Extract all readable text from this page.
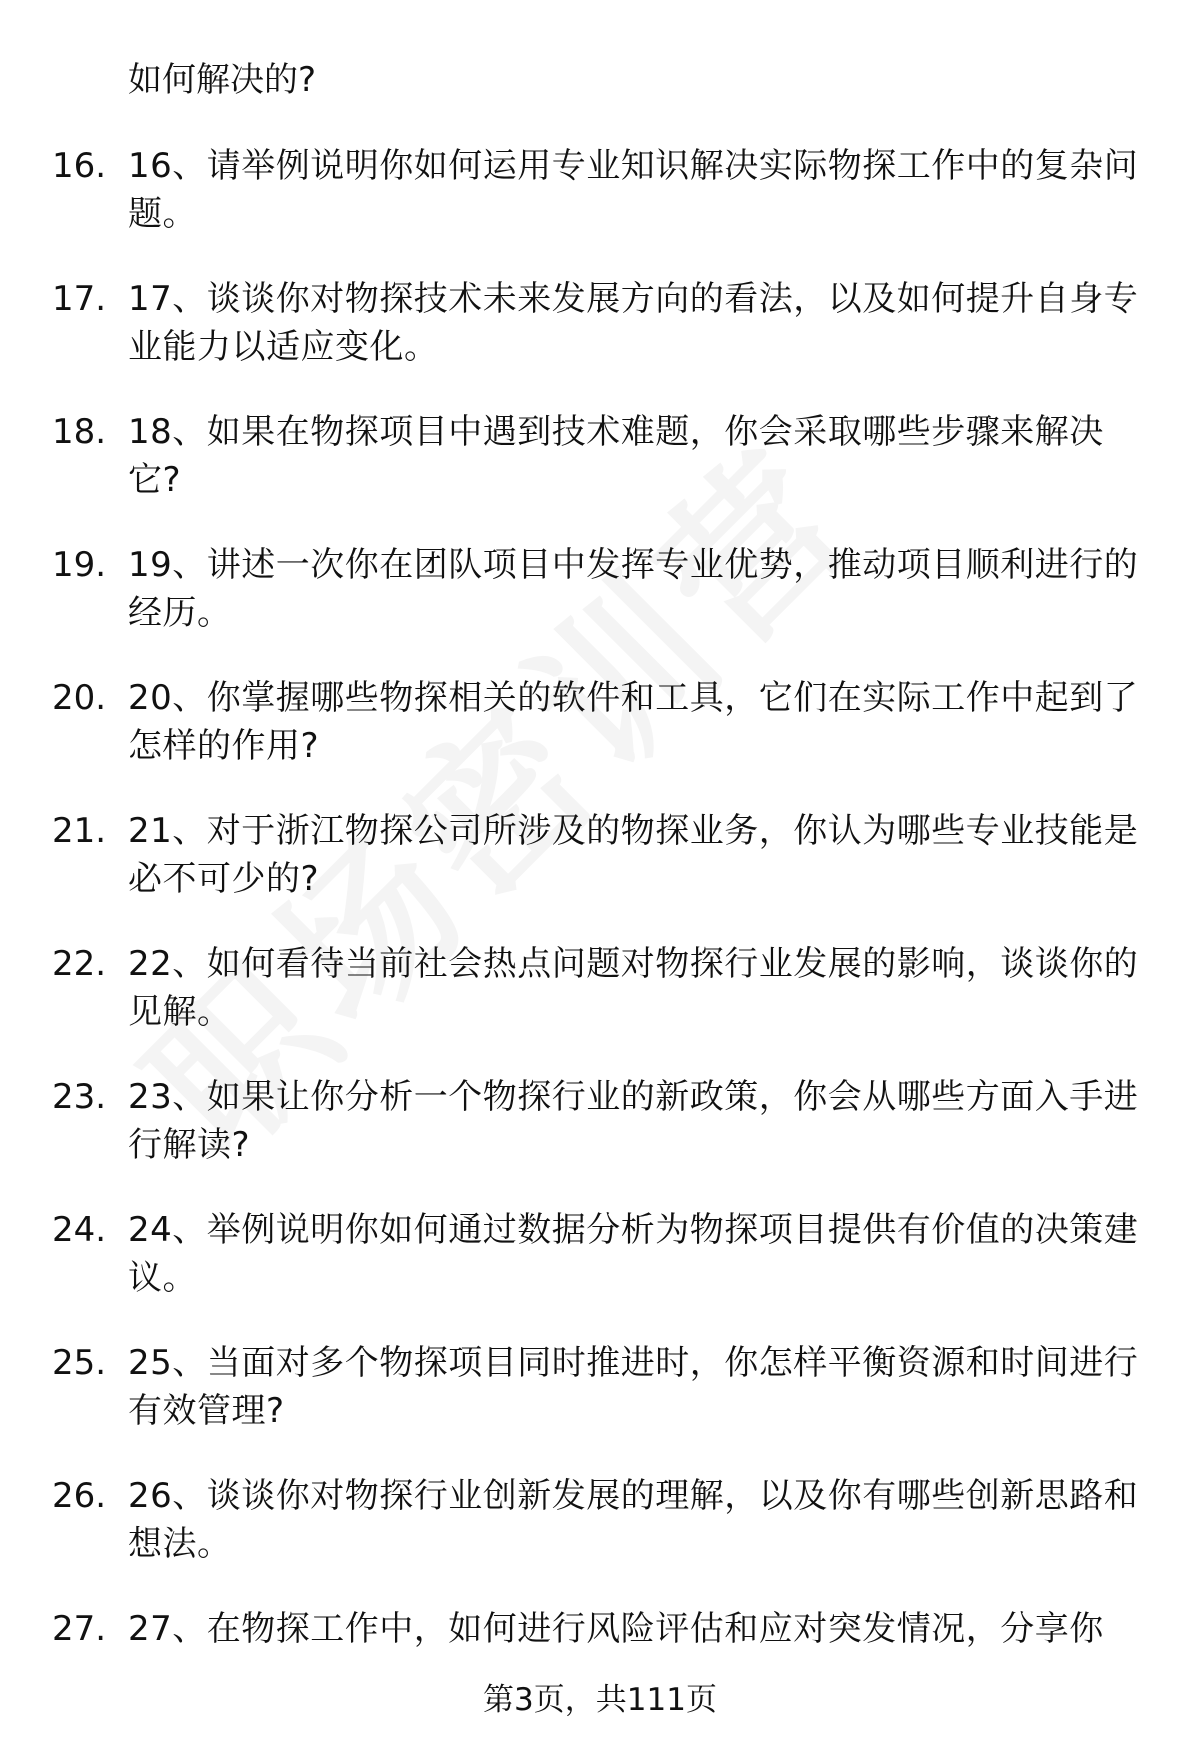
如何解决的?
16. 16、请举例说明你如何运用专业知识解决实际物探工作中的复杂问题。
17. 17、谈谈你对物探技术未来发展方向的看法，以及如何提升自身专业能力以适应变化。
18. 18、如果在物探项目中遇到技术难题，你会采取哪些步骤来解决它?
19. 19、讲述一次你在团队项目中发挥专业优势，推动项目顺利进行的经历。
20. 20、你掌握哪些物探相关的软件和工具，它们在实际工作中起到了怎样的作用?
21. 21、对于浙江物探公司所涉及的物探业务，你认为哪些专业技能是必不可少的?
22. 22、如何看待当前社会热点问题对物探行业发展的影响，谈谈你的见解。
23. 23、如果让你分析一个物探行业的新政策，你会从哪些方面入手进行解读?
24. 24、举例说明你如何通过数据分析为物探项目提供有价值的决策建议。
25. 25、当面对多个物探项目同时推进时，你怎样平衡资源和时间进行有效管理?
26. 26、谈谈你对物探行业创新发展的理解，以及你有哪些创新思路和想法。
27. 27、在物探工作中，如何进行风险评估和应对突发情况，分享你
第3页，共111页
